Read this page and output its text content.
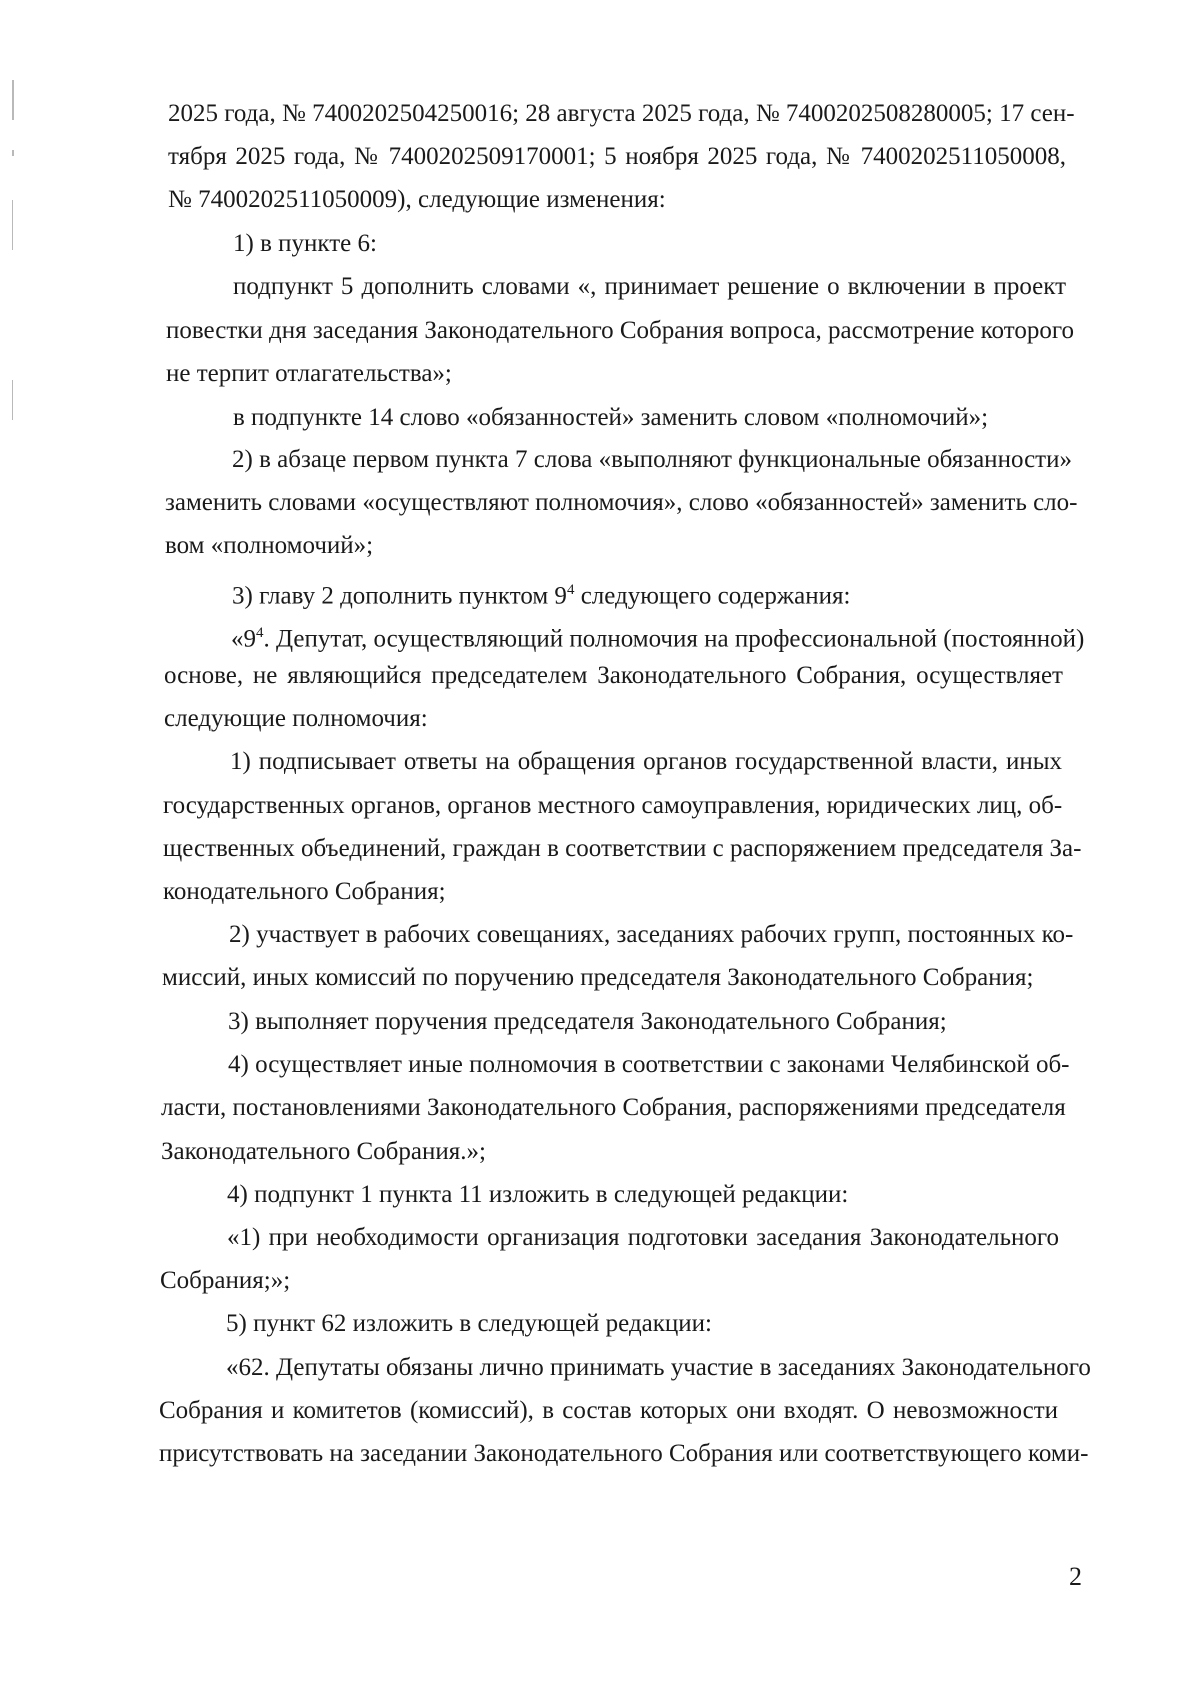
2025 года, № 7400202504250016; 28 августа 2025 года, № 7400202508280005; 17 сен-
тября 2025 года, № 7400202509170001; 5 ноября 2025 года, № 7400202511050008,
№ 7400202511050009), следующие изменения:
1) в пункте 6:
подпункт 5 дополнить словами «, принимает решение о включении в проект
повестки дня заседания Законодательного Собрания вопроса, рассмотрение которого
не терпит отлагательства»;
в подпункте 14 слово «обязанностей» заменить словом «полномочий»;
2) в абзаце первом пункта 7 слова «выполняют функциональные обязанности»
заменить словами «осуществляют полномочия», слово «обязанностей» заменить сло-
вом «полномочий»;
3) главу 2 дополнить пунктом $9^4$ следующего содержания:
«$9^4$. Депутат, осуществляющий полномочия на профессиональной (постоянной)
основе, не являющийся председателем Законодательного Собрания, осуществляет
следующие полномочия:
1) подписывает ответы на обращения органов государственной власти, иных
государственных органов, органов местного самоуправления, юридических лиц, об-
щественных объединений, граждан в соответствии с распоряжением председателя За-
конодательного Собрания;
2) участвует в рабочих совещаниях, заседаниях рабочих групп, постоянных ко-
миссий, иных комиссий по поручению председателя Законодательного Собрания;
3) выполняет поручения председателя Законодательного Собрания;
4) осуществляет иные полномочия в соответствии с законами Челябинской об-
ласти, постановлениями Законодательного Собрания, распоряжениями председателя
Законодательного Собрания.»;
4) подпункт 1 пункта 11 изложить в следующей редакции:
«1) при необходимости организация подготовки заседания Законодательного
Собрания;»;
5) пункт 62 изложить в следующей редакции:
«62. Депутаты обязаны лично принимать участие в заседаниях Законодательного
Собрания и комитетов (комиссий), в состав которых они входят. О невозможности
присутствовать на заседании Законодательного Собрания или соответствующего коми-
2
